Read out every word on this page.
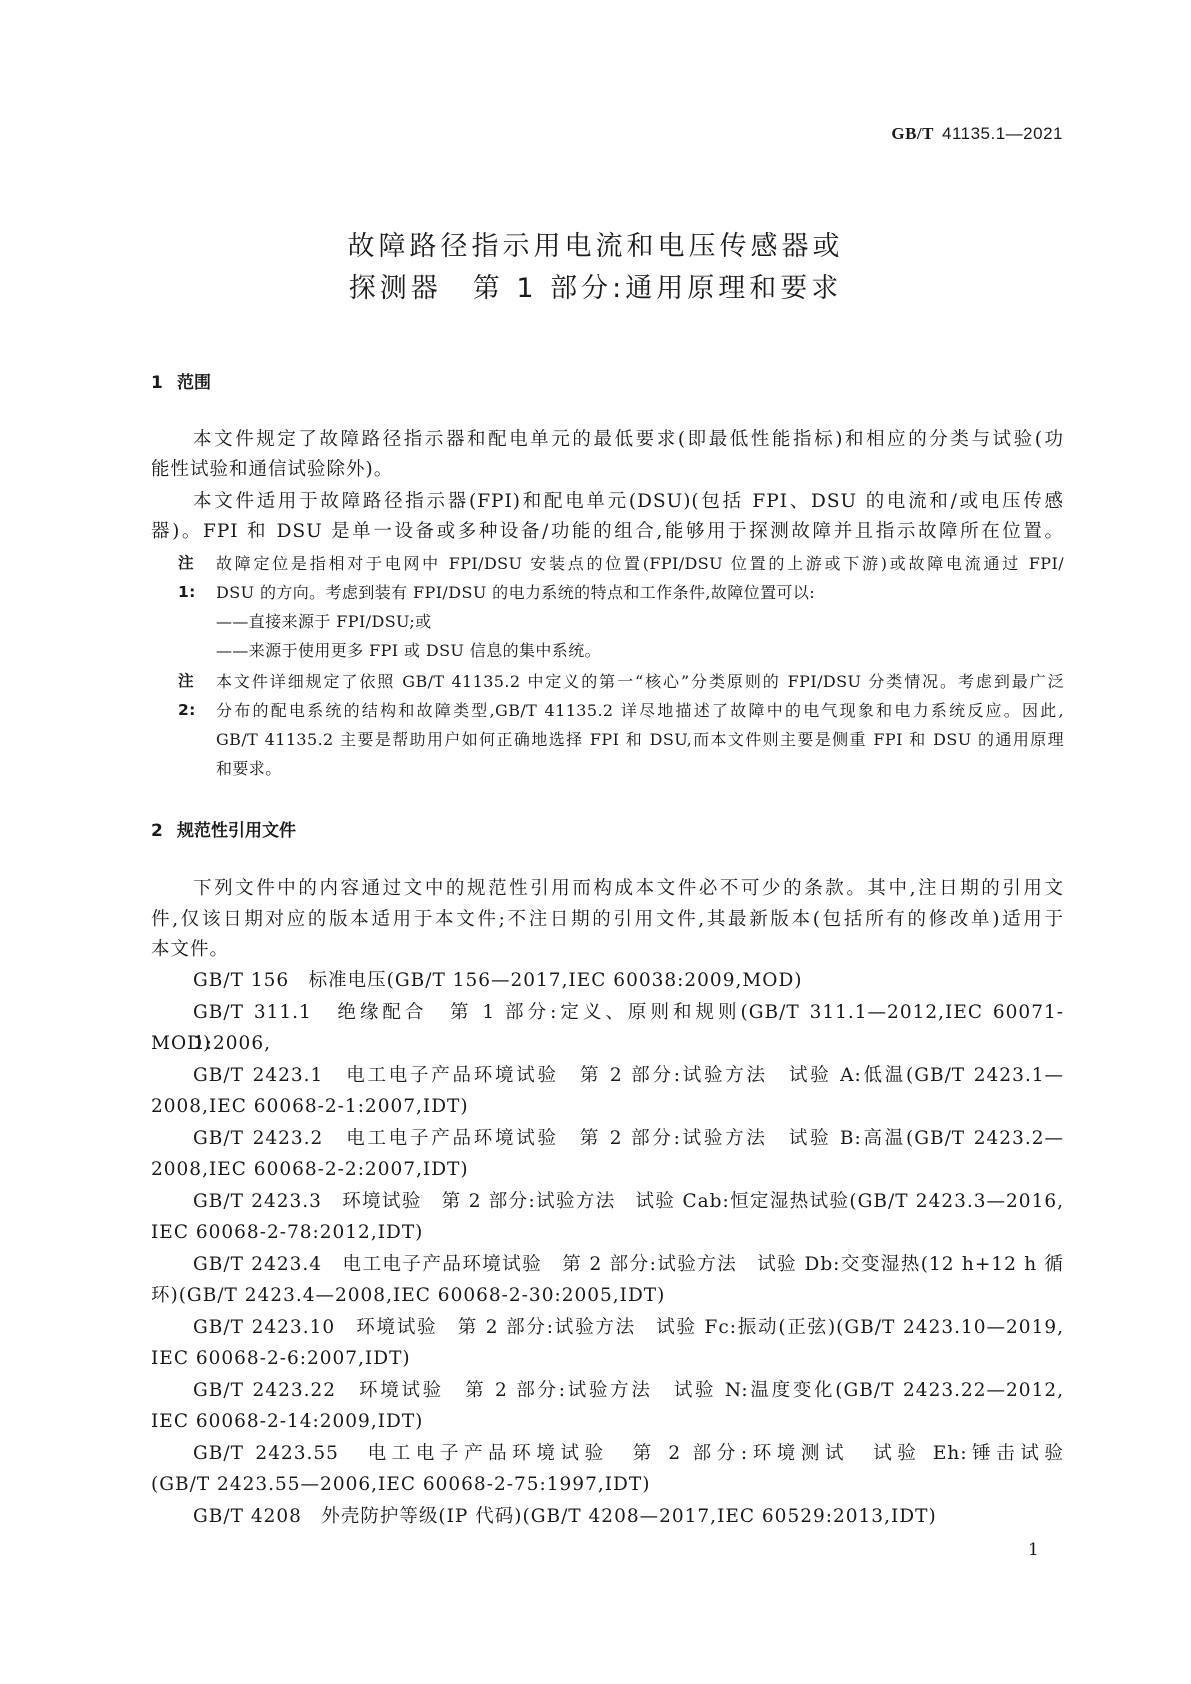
GB/T 41135.1—2021
故障路径指示用电流和电压传感器或
探测器　第 1 部分:通用原理和要求
1 范围
本文件规定了故障路径指示器和配电单元的最低要求(即最低性能指标)和相应的分类与试验(功
能性试验和通信试验除外)。
本文件适用于故障路径指示器(FPI)和配电单元(DSU)(包括 FPI、DSU 的电流和/或电压传感
器)。FPI 和 DSU 是单一设备或多种设备/功能的组合,能够用于探测故障并且指示故障所在位置。
注 1:
故障定位是指相对于电网中 FPI/DSU 安装点的位置(FPI/DSU 位置的上游或下游)或故障电流通过 FPI/
DSU 的方向。考虑到装有 FPI/DSU 的电力系统的特点和工作条件,故障位置可以:
——直接来源于 FPI/DSU;或
——来源于使用更多 FPI 或 DSU 信息的集中系统。
注 2:
本文件详细规定了依照 GB/T 41135.2 中定义的第一“核心”分类原则的 FPI/DSU 分类情况。考虑到最广泛
分布的配电系统的结构和故障类型,GB/T 41135.2 详尽地描述了故障中的电气现象和电力系统反应。因此,
GB/T 41135.2 主要是帮助用户如何正确地选择 FPI 和 DSU,而本文件则主要是侧重 FPI 和 DSU 的通用原理
和要求。
2 规范性引用文件
下列文件中的内容通过文中的规范性引用而构成本文件必不可少的条款。其中,注日期的引用文
件,仅该日期对应的版本适用于本文件;不注日期的引用文件,其最新版本(包括所有的修改单)适用于
本文件。
GB/T 156　标准电压(GB/T 156—2017,IEC 60038:2009,MOD)
GB/T 311.1　绝缘配合　第 1 部分:定义、原则和规则(GB/T 311.1—2012,IEC 60071-1:2006,
MOD)
GB/T 2423.1　电工电子产品环境试验　第 2 部分:试验方法　试验 A:低温(GB/T 2423.1—
2008,IEC 60068-2-1:2007,IDT)
GB/T 2423.2　电工电子产品环境试验　第 2 部分:试验方法　试验 B:高温(GB/T 2423.2—
2008,IEC 60068-2-2:2007,IDT)
GB/T 2423.3　环境试验　第 2 部分:试验方法　试验 Cab:恒定湿热试验(GB/T 2423.3—2016,
IEC 60068-2-78:2012,IDT)
GB/T 2423.4　电工电子产品环境试验　第 2 部分:试验方法　试验 Db:交变湿热(12 h+12 h 循
环)(GB/T 2423.4—2008,IEC 60068-2-30:2005,IDT)
GB/T 2423.10　环境试验　第 2 部分:试验方法　试验 Fc:振动(正弦)(GB/T 2423.10—2019,
IEC 60068-2-6:2007,IDT)
GB/T 2423.22　环境试验　第 2 部分:试验方法　试验 N:温度变化(GB/T 2423.22—2012,
IEC 60068-2-14:2009,IDT)
GB/T 2423.55　电工电子产品环境试验　第 2 部分:环境测试　试验 Eh:锤击试验
(GB/T 2423.55—2006,IEC 60068-2-75:1997,IDT)
GB/T 4208　外壳防护等级(IP 代码)(GB/T 4208—2017,IEC 60529:2013,IDT)
1
